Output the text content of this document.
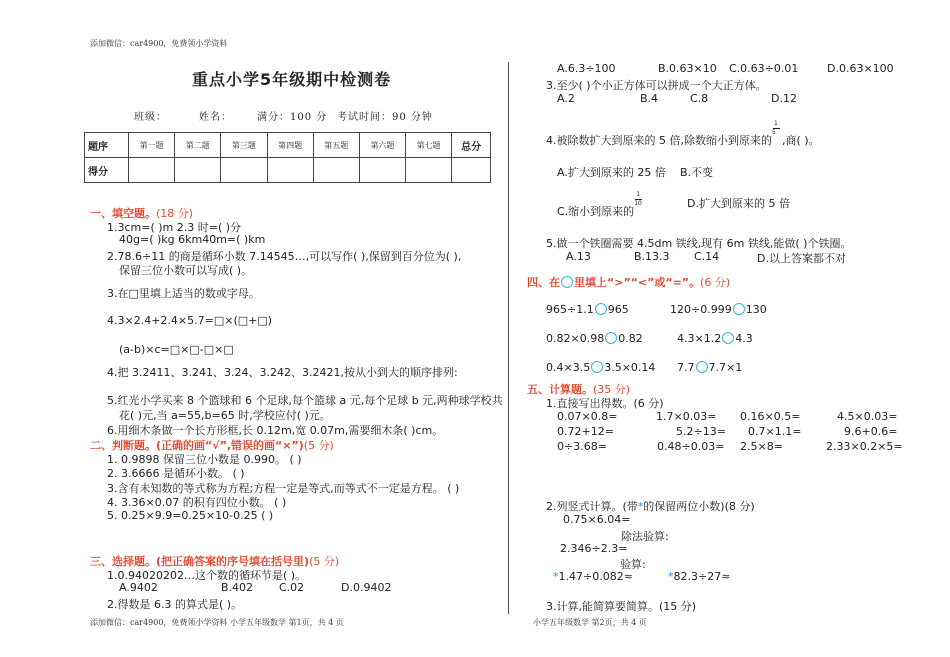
添加微信：car4900，免费领小学资料
重点小学5年级期中检测卷
班级：	姓名：	满分：100 分 考试时间：90 分钟
题序	第一题	第二题	第三题	第四题	第五题	第六题	第七题	总分
得分								
一、填空题。(18 分)
1.3cm=( )m 2.3 时=( )分
40g=( )kg 6km40m=( )km
2.78.6÷11 的商是循环小数 7.14545…,可以写作( ),保留到百分位为( ),
保留三位小数可以写成( )。
3.在□里填上适当的数或字母。
4.3×2.4+2.4×5.7=□×(□+□)
(a-b)×c=□×□-□×□
4.把 3.2411、3.241、3.24、3.242、3.2421,按从小到大的顺序排列:
5.红光小学买来 8 个篮球和 6 个足球,每个篮球 a 元,每个足球 b 元,两种球学校共
花( )元,当 a=55,b=65 时,学校应付( )元。
6.用细木条做一个长方形框,长 0.12m,宽 0.07m,需要细木条( )cm。
二、判断题。(正确的画“√”,错误的画“×”)(5 分)
1. 0.9898 保留三位小数是 0.990。 ( )
2. 3.6666 是循环小数。 ( )
3.含有未知数的等式称为方程;方程一定是等式,而等式不一定是方程。 ( )
4. 3.36×0.07 的积有四位小数。 ( )
5. 0.25×9.9=0.25×10-0.25 ( )
三、选择题。(把正确答案的序号填在括号里)(5 分)
1.0.94020202…这个数的循环节是( )。
A.9402	B.402 C.02	D.0.9402
2.得数是 6.3 的算式是( )。
A.6.3÷100	B.0.63×10 C.0.63÷0.01	D.0.63×100
3.至少( )个小正方体可以拼成一个大正方体。
A.2	B.4	C.8	D.12
4.被除数扩大到原来的 5 倍,除数缩小到原来的
1
5
,商( )。
A.扩大到原来的 25 倍 B.不变
C.缩小到原来的
$\frac{1}{10}$	D.扩大到原来的 5 倍
5.做一个铁圈需要 4.5dm 铁线,现有 6m 铁线,能做( )个铁圈。
A.13	B.13.3 C.14	D.以上答案都不对
四、在 里填上“>”“<”或“=”。(6 分)
965÷1.1 965	120÷0.999 130
0.82×0.98 0.82	4.3×1.2 4.3
0.4×3.5 3.5×0.14 7.7 7.7×1
五、计算题。(35 分)
1.直接写出得数。(6 分)
0.07×0.8=	1.7×0.03= 0.16×0.5=	4.5×0.03=
0.72+12=	5.2÷13= 0.7×1.1=	9.6+0.6=
0÷3.68=	0.48÷0.03= 2.5×8=	2.33×0.2×5=
2.列竖式计算。(带*的保留两位小数)(8 分)
0.75×6.04=
除法验算:
2.346÷2.3=
验算:
*1.47÷0.082≈	*82.3÷27≈
3.计算,能简算要简算。(15 分)
添加微信：car4900，免费领小学资料 小学五年级数学 第1页，共 4 页	小学五年级数学 第2页，共 4 页
